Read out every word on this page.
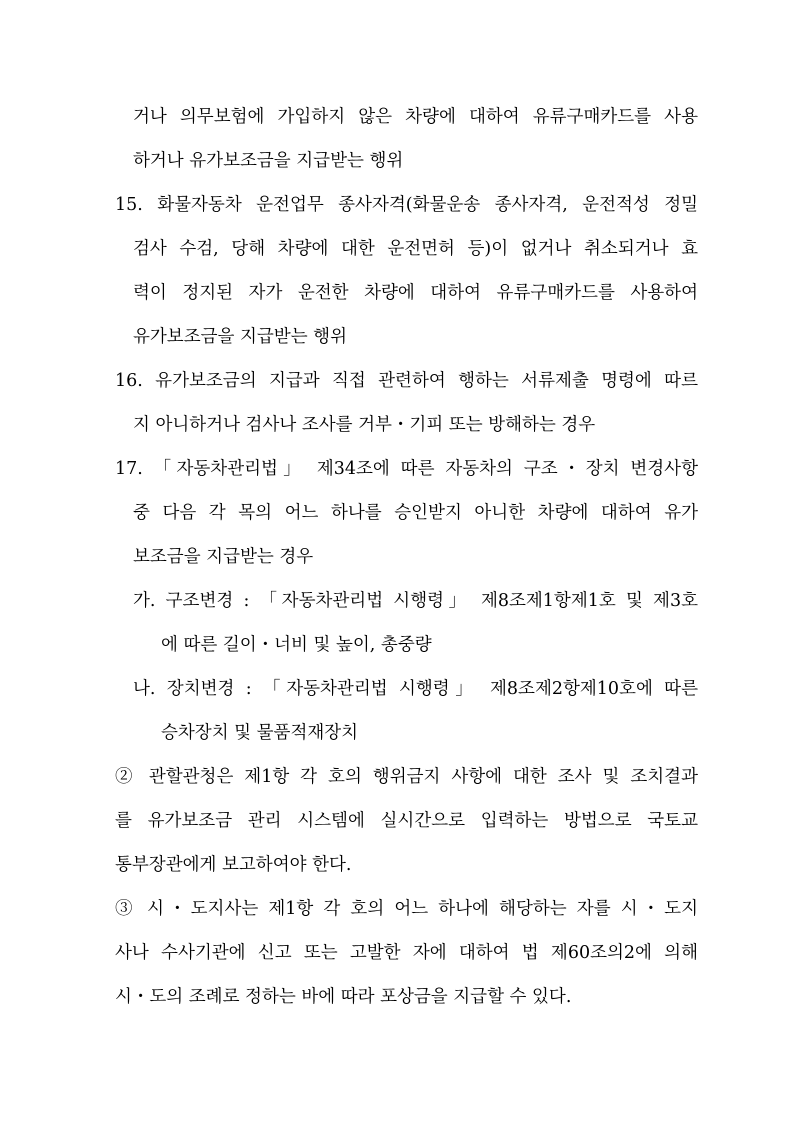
거나 의무보험에 가입하지 않은 차량에 대하여 유류구매카드를 사용
하거나 유가보조금을 지급받는 행위
15. 화물자동차 운전업무 종사자격(화물운송 종사자격, 운전적성 정밀
검사 수검, 당해 차량에 대한 운전면허 등)이 없거나 취소되거나 효
력이 정지된 자가 운전한 차량에 대하여 유류구매카드를 사용하여
유가보조금을 지급받는 행위
16. 유가보조금의 지급과 직접 관련하여 행하는 서류제출 명령에 따르
지 아니하거나 검사나 조사를 거부・기피 또는 방해하는 경우
17. 「자동차관리법」 제34조에 따른 자동차의 구조・장치 변경사항
중 다음 각 목의 어느 하나를 승인받지 아니한 차량에 대하여 유가
보조금을 지급받는 경우
가. 구조변경 : 「자동차관리법 시행령」 제8조제1항제1호 및 제3호
에 따른 길이・너비 및 높이, 총중량
나. 장치변경 : 「자동차관리법 시행령」 제8조제2항제10호에 따른
승차장치 및 물품적재장치
② 관할관청은 제1항 각 호의 행위금지 사항에 대한 조사 및 조치결과
를 유가보조금 관리 시스템에 실시간으로 입력하는 방법으로 국토교
통부장관에게 보고하여야 한다.
③ 시・도지사는 제1항 각 호의 어느 하나에 해당하는 자를 시・도지
사나 수사기관에 신고 또는 고발한 자에 대하여 법 제60조의2에 의해
시・도의 조례로 정하는 바에 따라 포상금을 지급할 수 있다.
